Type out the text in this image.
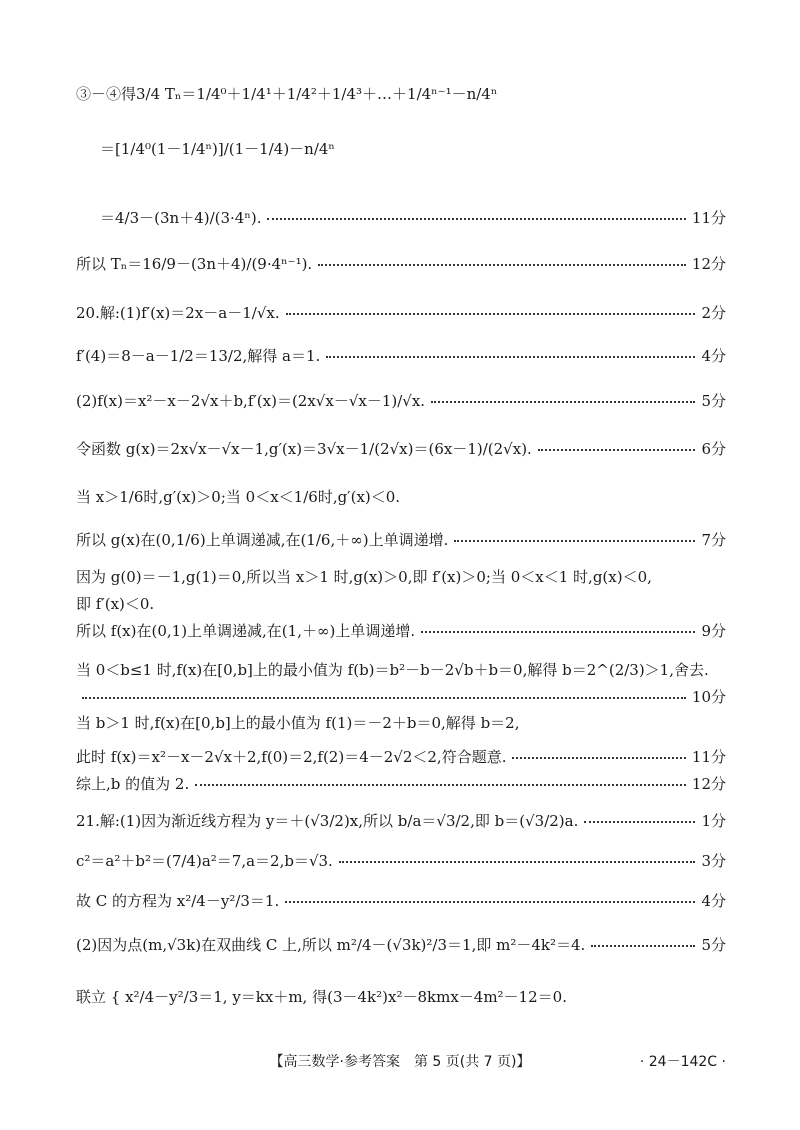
③－④得3/4 Tₙ＝1/4⁰＋1/4¹＋1/4²＋1/4³＋…＋1/4ⁿ⁻¹－n/4ⁿ
＝[1/4⁰(1－1/4ⁿ)]/(1－1/4)－n/4ⁿ
＝4/3－(3n＋4)/(3·4ⁿ).	11分
所以 Tₙ＝16/9－(3n＋4)/(9·4ⁿ⁻¹).	12分
20.解:(1)f′(x)＝2x－a－1/√x.	2分
f′(4)＝8－a－1/2＝13/2,解得 a＝1.	4分
(2)f(x)＝x²－x－2√x＋b,f′(x)＝(2x√x－√x－1)/√x.	5分
令函数 g(x)＝2x√x－√x－1,g′(x)＝3√x－1/(2√x)＝(6x－1)/(2√x).	6分
当 x＞1/6时,g′(x)＞0;当 0＜x＜1/6时,g′(x)＜0.
所以 g(x)在(0,1/6)上单调递减,在(1/6,＋∞)上单调递增.	7分
因为 g(0)＝－1,g(1)＝0,所以当 x＞1 时,g(x)＞0,即 f′(x)＞0;当 0＜x＜1 时,g(x)＜0,
即 f′(x)＜0.
所以 f(x)在(0,1)上单调递减,在(1,＋∞)上单调递增.	9分
当 0＜b≤1 时,f(x)在[0,b]上的最小值为 f(b)＝b²－b－2√b＋b＝0,解得 b＝2^(2/3)＞1,舍去.
10分
当 b＞1 时,f(x)在[0,b]上的最小值为 f(1)＝－2＋b＝0,解得 b＝2,
此时 f(x)＝x²－x－2√x＋2,f(0)＝2,f(2)＝4－2√2＜2,符合题意.	11分
综上,b 的值为 2.	12分
21.解:(1)因为渐近线方程为 y＝＋(√3/2)x,所以 b/a＝√3/2,即 b＝(√3/2)a.	1分
c²＝a²＋b²＝(7/4)a²＝7,a＝2,b＝√3.	3分
故 C 的方程为 x²/4－y²/3＝1.	4分
(2)因为点(m,√3k)在双曲线 C 上,所以 m²/4－(√3k)²/3＝1,即 m²－4k²＝4.	5分
联立 { x²/4－y²/3＝1, y＝kx＋m, 得(3－4k²)x²－8kmx－4m²－12＝0.
【高三数学·参考答案　第 5 页(共 7 页)】	· 24－142C ·
